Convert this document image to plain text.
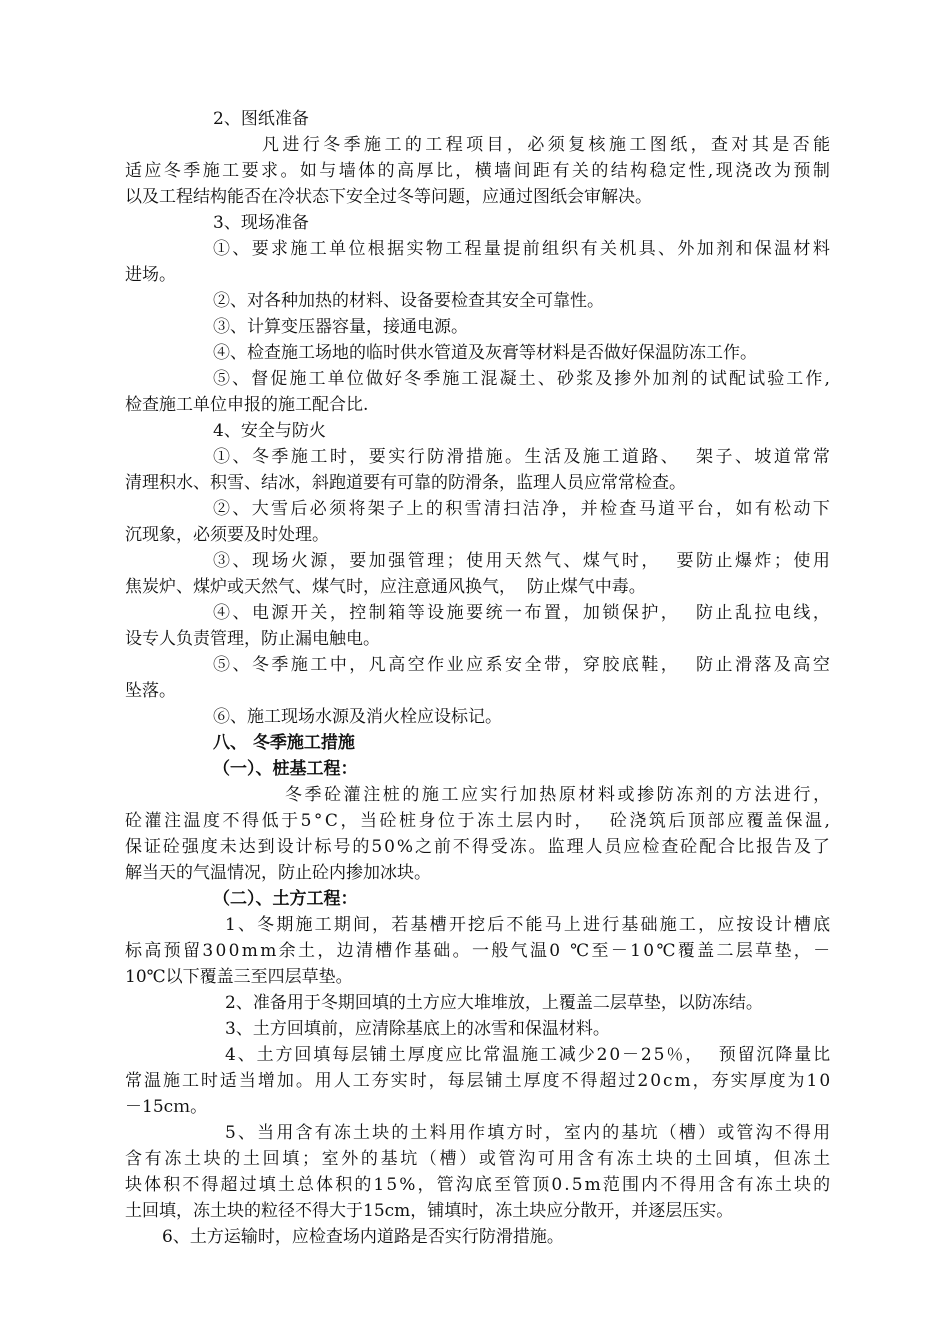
2、图纸准备
凡进行冬季施工的工程项目，必须复核施工图纸，查对其是否能
适应冬季施工要求。如与墙体的高厚比，横墙间距有关的结构稳定性,现浇改为预制
以及工程结构能否在冷状态下安全过冬等问题，应通过图纸会审解决。
3、现场准备
①、要求施工单位根据实物工程量提前组织有关机具、外加剂和保温材料
进场。
②、对各种加热的材料、设备要检查其安全可靠性。
③、计算变压器容量，接通电源。
④、检查施工场地的临时供水管道及灰膏等材料是否做好保温防冻工作。
⑤、督促施工单位做好冬季施工混凝土、砂浆及掺外加剂的试配试验工作,
检查施工单位申报的施工配合比.
4、安全与防火
①、冬季施工时，要实行防滑措施。生活及施工道路、  架子、坡道常常
清理积水、积雪、结冰，斜跑道要有可靠的防滑条，监理人员应常常检查。
②、大雪后必须将架子上的积雪清扫洁净，并检查马道平台，如有松动下
沉现象，必须要及时处理。
③、现场火源，要加强管理；使用天然气、煤气时，  要防止爆炸；使用
焦炭炉、煤炉或天然气、煤气时，应注意通风换气，  防止煤气中毒。
④、电源开关，控制箱等设施要统一布置，加锁保护，  防止乱拉电线，
设专人负责管理，防止漏电触电。
⑤、冬季施工中，凡高空作业应系安全带，穿胶底鞋，  防止滑落及高空
坠落。
⑥、施工现场水源及消火栓应设标记。
八、 冬季施工措施
（一）、桩基工程：
冬季砼灌注桩的施工应实行加热原材料或掺防冻剂的方法进行，
砼灌注温度不得低于5°C，当砼桩身位于冻土层内时，  砼浇筑后顶部应覆盖保温,
保证砼强度未达到设计标号的50%之前不得受冻。监理人员应检查砼配合比报告及了
解当天的气温情况，防止砼内掺加冰块。
（二）、土方工程：
1、冬期施工期间，若基槽开挖后不能马上进行基础施工，应按设计槽底
标高预留300mm余土，边清槽作基础。一般气温0 ℃至－10℃覆盖二层草垫，－
10℃以下覆盖三至四层草垫。
2、准备用于冬期回填的土方应大堆堆放，上覆盖二层草垫，以防冻结。
3、土方回填前，应清除基底上的冰雪和保温材料。
4、土方回填每层铺土厚度应比常温施工减少20－25％，  预留沉降量比
常温施工时适当增加。用人工夯实时，每层铺土厚度不得超过20cm，夯实厚度为10
－15cｍ。
5、当用含有冻土块的土料用作填方时，室内的基坑（槽）或管沟不得用
含有冻土块的土回填；室外的基坑（槽）或管沟可用含有冻土块的土回填，但冻土
块体积不得超过填土总体积的15%，管沟底至管顶0.5m范围内不得用含有冻土块的
土回填，冻土块的粒径不得大于15cm，铺填时，冻土块应分散开，并逐层压实。
6、土方运输时，应检查场内道路是否实行防滑措施。
